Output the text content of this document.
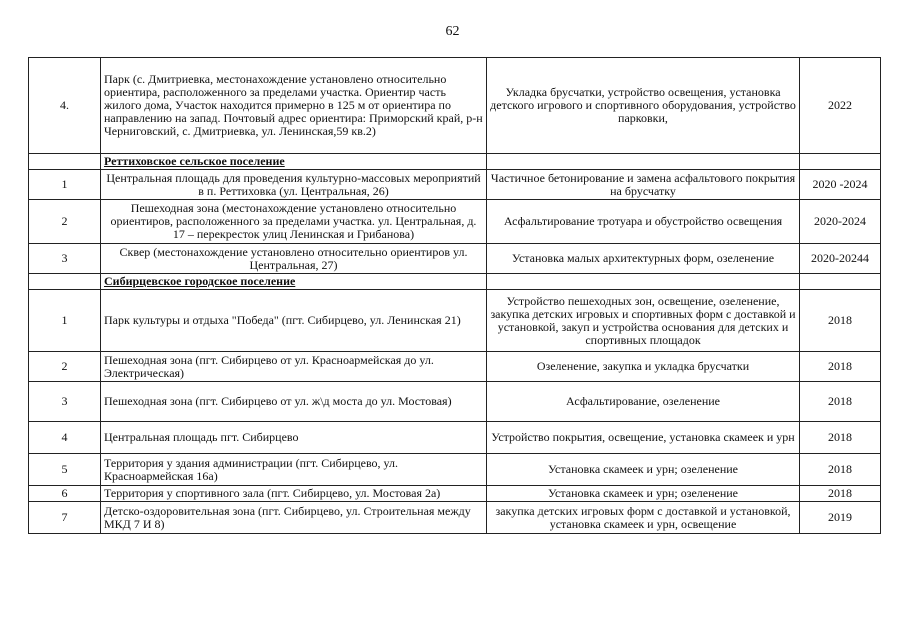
62
4.	Парк (с. Дмитриевка, местонахождение установлено относительно ориентира, расположенного за пределами участка. Ориентир часть жилого дома, Участок находится примерно в 125 м от ориентира по направлению на запад. Почтовый адрес ориентира: Приморский край, р-н Черниговский, с. Дмитриевка, ул. Ленинская,59 кв.2)	Укладка брусчатки, устройство освещения, установка детского игрового и спортивного оборудования, устройство парковки,	2022
	Реттиховское сельское поселение		
1	Центральная площадь для проведения культурно-массовых мероприятий в п. Реттиховка (ул. Центральная, 26)	Частичное бетонирование и замена асфальтового покрытия на брусчатку	2020 -2024
2	Пешеходная зона (местонахождение установлено относительно ориентиров, расположенного за пределами участка. ул. Центральная, д. 17 – перекресток улиц Ленинская и Грибанова)	Асфальтирование тротуара и обустройство освещения	2020-2024
3	Сквер (местонахождение установлено относительно ориентиров ул. Центральная, 27)	Установка малых архитектурных форм, озеленение	2020-20244
	Сибирцевское городское поселение		
1	Парк культуры и отдыха "Победа" (пгт. Сибирцево, ул. Ленинская 21)	Устройство пешеходных зон, освещение, озеленение, закупка детских игровых и спортивных форм с доставкой и установкой, закуп и устройства основания для детских и спортивных площадок	2018
2	Пешеходная зона (пгт. Сибирцево от ул. Красноармейская до ул. Электрическая)	Озеленение, закупка и укладка брусчатки	2018
3	Пешеходная зона (пгт. Сибирцево от ул. ж\д моста до ул. Мостовая)	Асфальтирование, озеленение	2018
4	Центральная площадь пгт. Сибирцево	Устройство покрытия, освещение, установка скамеек и урн	2018
5	Территория у здания администрации (пгт. Сибирцево, ул. Красноармейская 16а)	Установка скамеек и урн; озеленение	2018
6	Территория у спортивного зала (пгт. Сибирцево, ул. Мостовая 2а)	Установка скамеек и урн; озеленение	2018
7	Детско-оздоровительная зона (пгт. Сибирцево, ул. Строительная между МКД 7 И 8)	закупка детских игровых форм с доставкой и установкой, установка скамеек и урн, освещение	2019
